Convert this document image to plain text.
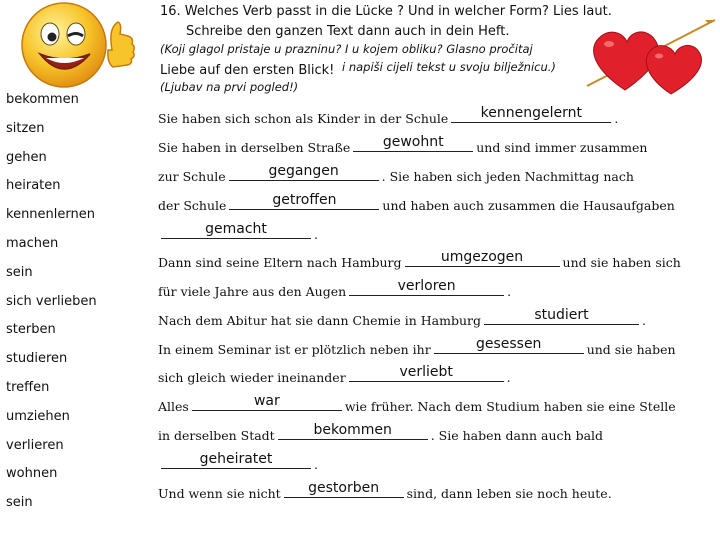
16. Welches Verb passt in die Lücke ? Und in welcher Form? Lies laut.
Schreibe den ganzen Text dann auch in dein Heft.
(Koji glagol pristaje u prazninu? I u kojem obliku? Glasno pročitaj
Liebe auf den ersten Blick! i napiši cijeli tekst u svoju bilježnicu.)
(Ljubav na prvi pogled!)
bekommen
sitzen
gehen
heiraten
kennenlernen
machen
sein
sich verlieben
sterben
studieren
treffen
umziehen
verlieren
wohnen
sein
Sie haben sich schon als Kinder in der Schule	kennengelernt	.
Sie haben in derselben Straße	gewohnt	und sind immer zusammen
zur Schule	gegangen	. Sie haben sich jeden Nachmittag nach
der Schule	getroffen	und haben auch zusammen die Hausaufgaben
gemacht	.
Dann sind seine Eltern nach Hamburg	umgezogen	und sie haben sich
für viele Jahre aus den Augen	verloren	.
Nach dem Abitur hat sie dann Chemie in Hamburg	studiert	.
In einem Seminar ist er plötzlich neben ihr	gesessen	und sie haben
sich gleich wieder ineinander	verliebt	.
Alles	war	wie früher. Nach dem Studium haben sie eine Stelle
in derselben Stadt	bekommen	. Sie haben dann auch bald
geheiratet	.
Und wenn sie nicht	gestorben	sind, dann leben sie noch heute.
